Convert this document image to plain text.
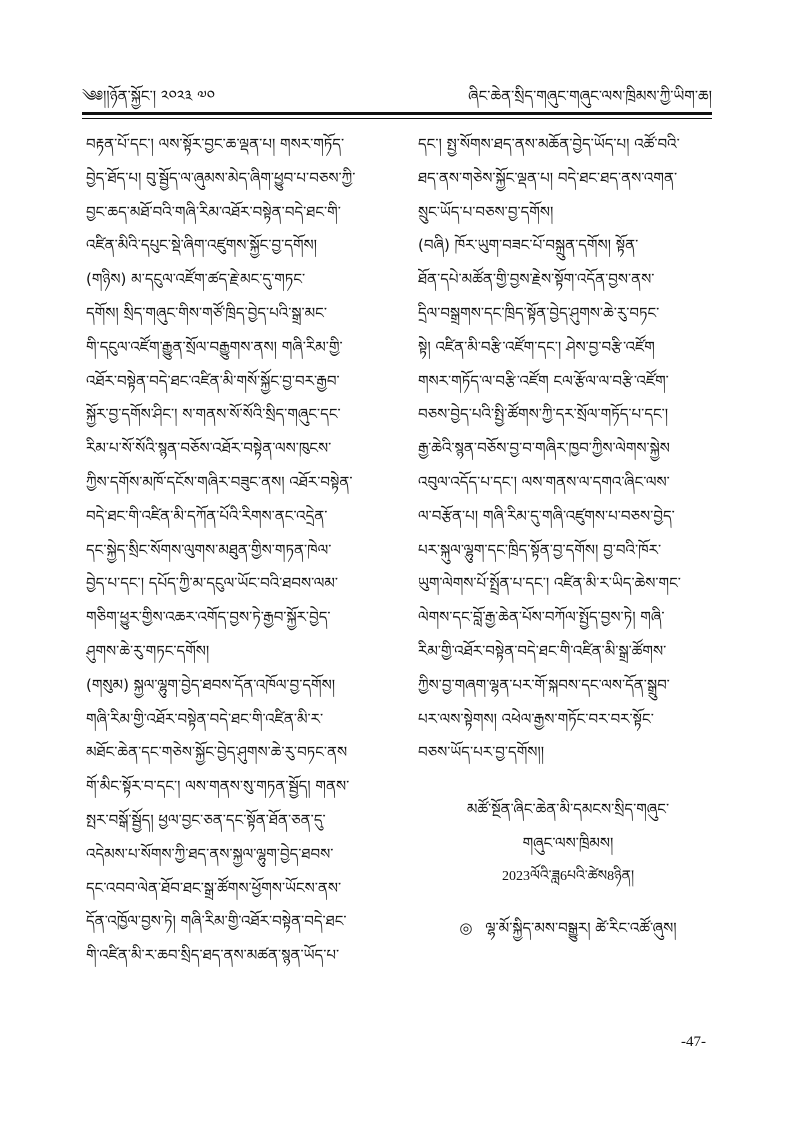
༄༅།།ཉོན་སྐྱོང་། ༢༠༢༣ ༧༠	ཞིང་ཆེན་སྲིད་གཞུང་གཞུང་ལས་ཁྲིམས་ཀྱི་ཡིག་ཆ།
བརྟན་པོ་དང་། ལས་སྟོར་བྱང་ཆ་ལྡན་པ། གསར་གཏོད་
བྱེད་ཐོད་པ། བུ་སྦྱོད་ལ་ཞུམས་མེད་ཞིག་ཕྱུབ་པ་བཅས་ཀྱི་
བྱང་ཆད་མཐོ་བའི་གཞི་རིམ་འཐོར་བསྟེན་བདེ་ཐང་གི་
འཛིན་མིའི་དཔུང་སྡེ་ཞིག་འཛུགས་སྐྱོང་བྱ་དགོས།
(གཉིས) མ་དངུལ་འཛོག་ཚད་རྗེ་མང་དུ་གཏང་
དགོས། སྲིད་གཞུང་གིས་གཙོ་ཁྲིད་བྱེད་པའི་སྒྲ་མང་
གི་དངུལ་འཛོག་རྒྱུན་སྲོལ་བརྒྱུགས་ནས། གཞི་རིམ་གྱི་
འཐོར་བསྟེན་བདེ་ཐང་འཛིན་མི་གསོ་སྐྱོང་བྱ་བར་རྒྱབ་
སྐྱོར་བྱ་དགོས་ཤིང་། ས་གནས་སོ་སོའི་སྲིད་གཞུང་དང་
རིམ་པ་སོ་སོའི་སྙན་བཅོས་འཐོར་བསྟེན་ལས་ཁུངས་
ཀྱིས་དགོས་མཁོ་དངོས་གཞིར་བཟུང་ནས། འཐོར་བསྟེན་
བདེ་ཐང་གི་འཛིན་མི་དཀོན་པོའི་རིགས་ནང་འདྲེན་
དང་སྐྱེད་སྲིང་སོགས་ལུགས་མཐུན་གྱིས་གཏན་ཁེལ་
བྱེད་པ་དང་། དཔོད་ཀྱི་མ་དངུལ་ཡོང་བའི་ཐབས་ལམ་
གཅིག་ཕྱུར་གྱིས་འཆར་འགོད་བྱས་ཏེ་རྒྱབ་སྐྱོར་བྱེད་
ཤུགས་ཆེ་རུ་གཏང་དགོས།
(གསུམ) སྐྱལ་ལྷུག་བྱེད་ཐབས་དོན་འཁོལ་བྱ་དགོས།
གཞི་རིམ་གྱི་འཐོར་བསྟེན་བདེ་ཐང་གི་འཛིན་མི་ར་
མཐོང་ཆེན་དང་གཅེས་སྐྱོང་བྱེད་ཤུགས་ཆེ་རུ་བཏང་ནས
གོ་མིང་སྟོར་བ་དང་། ལས་གནས་སུ་གཏན་སྦྱོད། གནས་
སྤར་བསྒོ་སྦྱོད། ཕྱལ་བྱང་ཅན་དང་སྟོན་ཐོན་ཅན་དུ་
འདེམས་པ་སོགས་ཀྱི་ཐད་ནས་སྐྱལ་ལྷུག་བྱེད་ཐབས་
དང་འབབ་ལེན་ཐོབ་ཐང་སྒྲ་ཚོགས་ཕྱོགས་ཡོངས་ནས་
དོན་འཁྱོལ་བྱས་ཏེ། གཞི་རིམ་གྱི་འཐོར་བསྟེན་བདེ་ཐང་
གི་འཛིན་མི་ར་ཆབ་སྲིད་ཐད་ནས་མཚན་སྙན་ཡོད་པ་
དང་། སྤྱ་སོགས་ཐད་ནས་མཆོན་བྱེད་ཡོད་པ། འཚོ་བའི་
ཐད་ནས་གཅེས་སྐྱོང་ལྡན་པ། བདེ་ཐང་ཐད་ནས་འགན་
སྲུང་ཡོད་པ་བཅས་བྱ་དགོས།
(བཞི) ཁོར་ཡུག་བཟང་པོ་བསྐྲུན་དགོས། སྟོན་
ཐོན་དཔེ་མཚོན་གྱི་བྱས་རྗེས་སྟོག་འདོན་བྱས་ནས་
དྲིལ་བསྒྲགས་དང་ཁྲིད་སྟོན་བྱེད་ཤུགས་ཆེ་རུ་བཏང་
སྟེ། འཛིན་མི་བརྩི་འཛོག་དང་། ཤེས་བྱ་བརྩི་འཛོག
གསར་གཏོད་ལ་བརྩི་འཛོག ངལ་རྩོལ་ལ་བརྩི་འཛོག་
བཅས་བྱེད་པའི་སྤྱི་ཚོགས་ཀྱི་དར་སྲོལ་གཏོད་པ་དང་།
རྒྱ་ཆེའི་སྙན་བཅོས་བྱ་བ་གཞིར་ཁྱབ་ཀྱིས་ལེགས་སྐྱེས
འབུལ་འདོད་པ་དང་། ལས་གནས་ལ་དགའ་ཞིང་ལས་
ལ་བརྩོན་པ། གཞི་རིམ་དུ་གཞི་འཛུགས་པ་བཅས་བྱེད་
པར་སྐུལ་ལྷུག་དང་ཁྲིད་སྟོན་བྱ་དགོས། བྱ་བའི་ཁོར་
ཡུག་ལེགས་པོ་སྤྲོན་པ་དང་། འཛིན་མི་ར་ཡིད་ཆེས་གང་
ལེགས་དང་བློ་རྒྱ་ཆེན་པོས་བཀོལ་སྤྱོད་བྱས་ཏེ། གཞི་
རིམ་གྱི་འཐོར་བསྟེན་བདེ་ཐང་གི་འཛིན་མི་སྒྲ་ཚོགས་
ཀྱིས་བྱ་གཞག་ལྷན་པར་གོ་སྐབས་དང་ལས་དོན་སྒྲུབ་
པར་ལས་སྟེགས། འཕེལ་རྒྱས་གཏོང་བར་བར་སྟོང་
བཅས་ཡོད་པར་བྱ་དགོས།།
མཚོ་སྔོན་ཞིང་ཆེན་མི་དམངས་སྲིད་གཞུང་
གཞུང་ལས་ཁྲིམས།
2023ལོའི་ཟླ6པའི་ཚེས8ཉིན།
◎ ལྷ་མོ་སྐྱིད་མས་བསྒྱུར། ཚེ་རིང་འཚོ་ཞུས།
-47-
